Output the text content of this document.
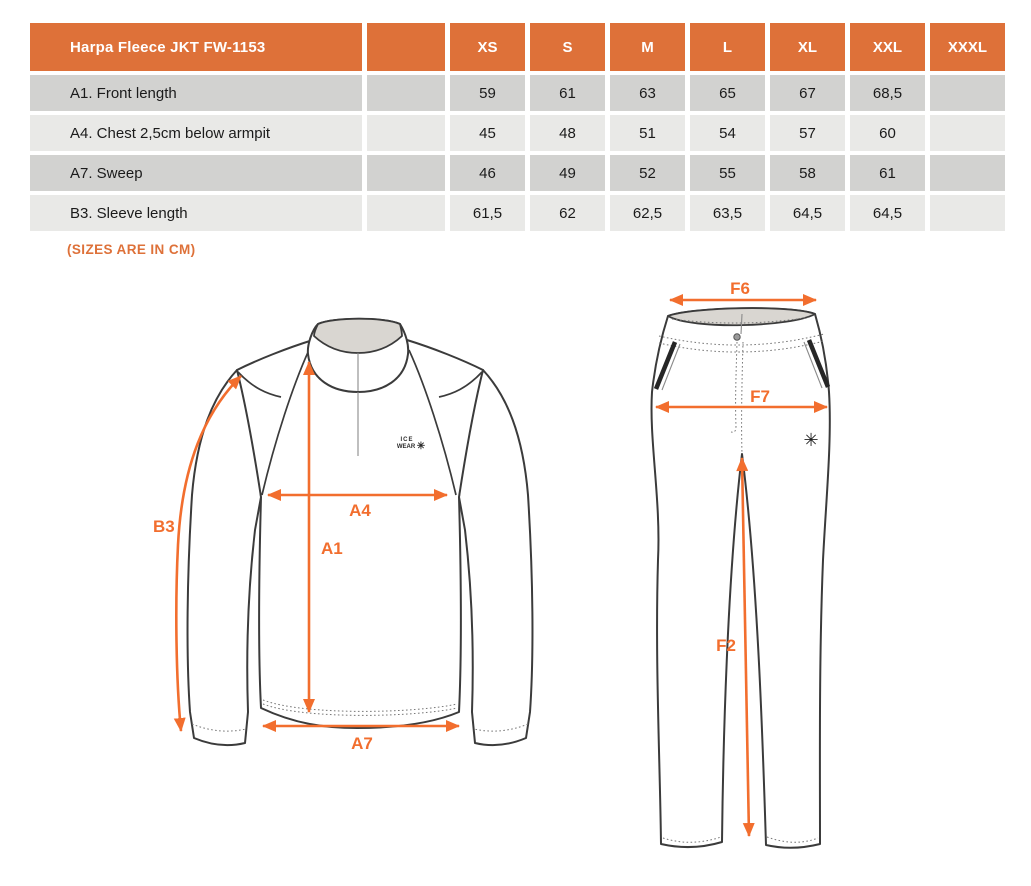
Harpa Fleece JKT FW-1153		XS	S	M	L	XL	XXL	XXXL
A1. Front length		59	61	63	65	67	68,5	
A4. Chest 2,5cm below armpit		45	48	51	54	57	60	
A7. Sweep		46	49	52	55	58	61	
B3. Sleeve length		61,5	62	62,5	63,5	64,5	64,5	
(SIZES ARE IN CM)
ICE
WEAR ✳
B3
A4
A1
A7
✳
F6
F7
F2
